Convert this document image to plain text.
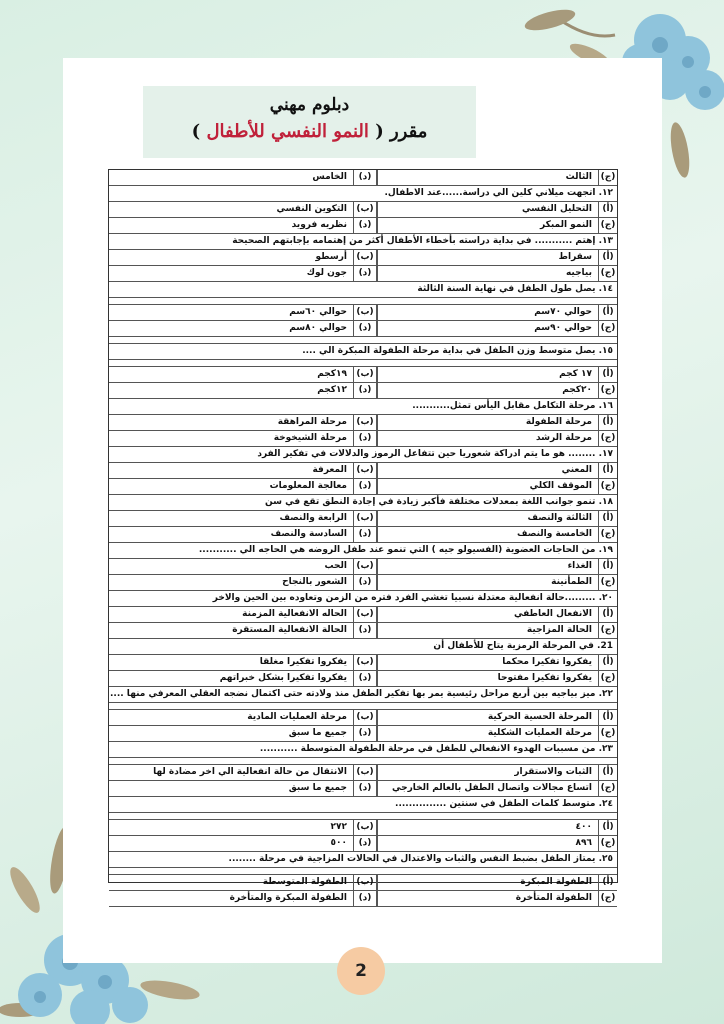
دبلوم مهني
مقرر ( النمو النفسي للأطفال )
(ج)
الثالث
(د)
الخامس
١٢. اتجهت ميلاني كلين الي دراسة......عند الاطفال.
(أ)
التحليل النفسي
(ب)
التكوين النفسي
(ج)
النمو المبكر
(د)
نظريه فرويد
١٣. إهتم ........... في بداية دراسته بأخطاء الأطفال أكثر من إهتمامه بإجابتهم الصحيحة
(أ)
سقراط
(ب)
أرسطو
(ج)
بياجيه
(د)
جون لوك
١٤. يصل طول الطفل في نهاية السنة الثالثة
(أ)
حوالي ٧٠سم
(ب)
حوالي ٦٠سم
(ج)
حوالي ٩٠سم
(د)
حوالي ٨٠سم
١٥. يصل متوسط وزن الطفل في بداية مرحلة الطفولة المبكرة الي ....
(أ)
١٧ كجم
(ب)
١٩كجم
(ج)
٢٠كجم
(د)
١٢كجم
١٦. مرحلة التكامل مقابل اليأس تمثل...........
(أ)
مرحلة الطفولة
(ب)
مرحلة المراهقة
(ج)
مرحلة الرشد
(د)
مرحلة الشيخوخة
١٧. ........ هو ما يتم ادراكة شعوريا حين تتفاعل الرموز والدلالات في تفكير الفرد
(أ)
المعني
(ب)
المعرفة
(ج)
الموقف الكلي
(د)
معالجة المعلومات
١٨. تنمو جوانب اللغة بمعدلات مختلفة فأكبر زيادة في إجادة النطق تقع في سن
(أ)
الثالثة والنصف
(ب)
الرابعة والنصف
(ج)
الخامسة والنصف
(د)
السادسة والنصف
١٩. من الحاجات العضوية (الفسيولو جيه ) التي تنمو عند طفل الروضه هي الحاجه الي ...........
(أ)
الغذاء
(ب)
الحب
(ج)
الطمأنينة
(د)
الشعور بالنجاح
٢٠. .........حالة انفعالية معتدلة نسبيا تغشي الفرد فتره من الزمن وتعاوده بين الحين والاخر
(أ)
الانفعال العاطفي
(ب)
الحاله الانفعالية المزمنة
(ج)
الحالة المزاجية
(د)
الحالة الانفعالية المستقرة
21. في المرحلة الرمزية يتاح للأطفال أن
(أ)
يفكروا تفكيرا محكما
(ب)
يفكروا تفكيرا مغلقا
(ج)
يفكروا تفكيرا مفتوحا
(د)
يفكروا تفكيرا بشكل خبراتهم
٢٢. ميز بياجيه بين أربع مراحل رئيسية يمر بها تفكير الطفل منذ ولادته حتى اكتمال نضجه العقلي المعرفي منها ....
(أ)
المرحلة الحسية الحركية
(ب)
مرحلة العمليات المادية
(ج)
مرحلة العمليات الشكلية
(د)
جميع ما سبق
٢٣. من مسببات الهدوء الانفعالي للطفل في مرحلة الطفولة المتوسطة ...........
(أ)
الثبات والاستقرار
(ب)
الانتقال من حالة انفعالية الي اخر مضادة لها
(ج)
اتساع مجالات واتصال الطفل بالعالم الخارجي
(د)
جميع ما سبق
٢٤. متوسط كلمات الطفل في سنتين ...............
(أ)
٤٠٠
(ب)
٢٧٢
(ج)
٨٩٦
(د)
٥٠٠
٢٥. يمتاز الطفل بضبط النفس والثبات والاعتدال في الحالات المزاجية في مرحلة ........
(أ)
الطفولة المبكرة
(ب)
الطفولة المتوسطة
(ج)
الطفولة المتأخرة
(د)
الطفولة المبكرة والمتأخرة
2
